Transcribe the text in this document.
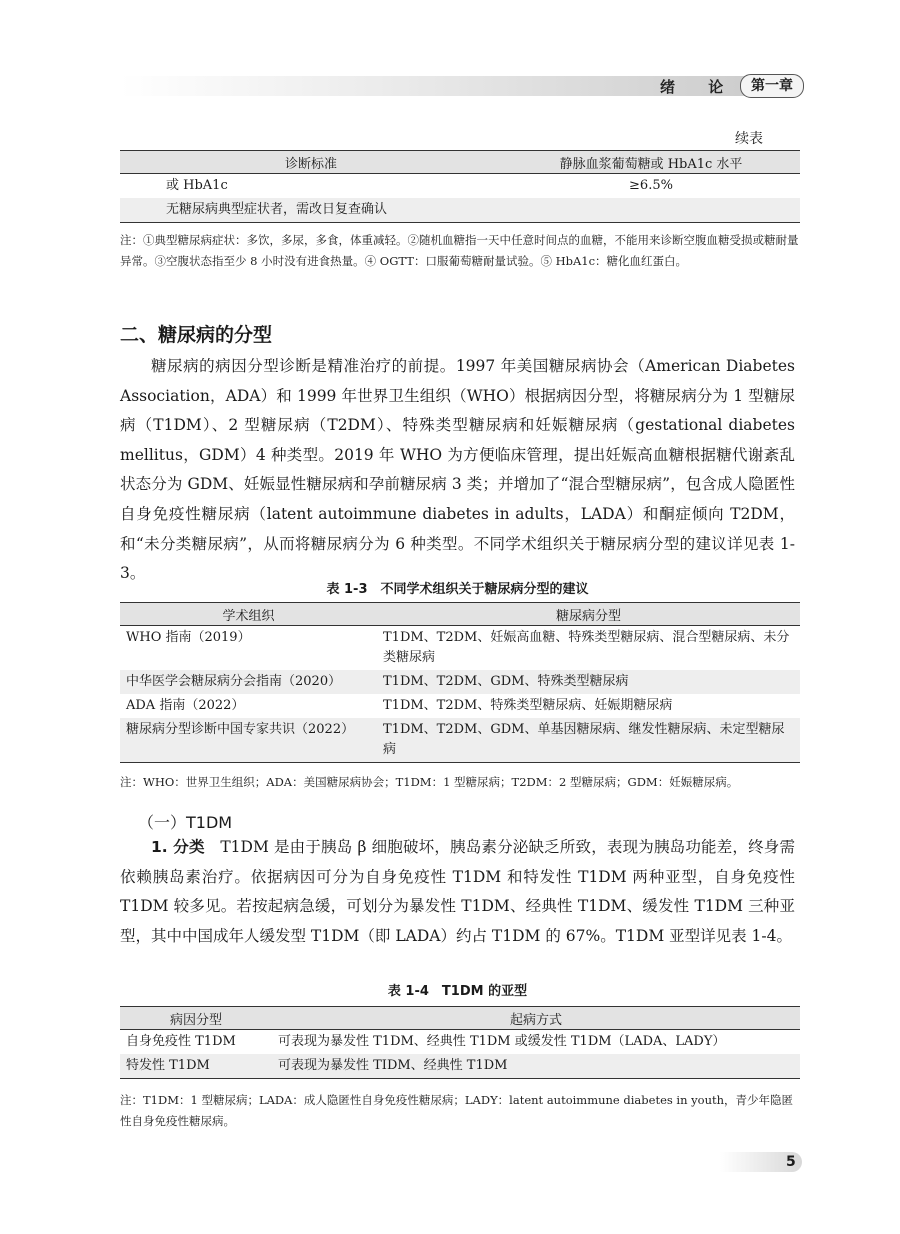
绪 论 第一章
续表
诊断标准	静脉血浆葡萄糖或 HbA1c 水平
或 HbA1c	≥6.5%
无糖尿病典型症状者，需改日复查确认	
注：①典型糖尿病症状：多饮，多尿，多食，体重减轻。②随机血糖指一天中任意时间点的血糖，不能用来诊断空腹血糖受损或糖耐量异常。③空腹状态指至少 8 小时没有进食热量。④ OGTT：口服葡萄糖耐量试验。⑤ HbA1c：糖化血红蛋白。
二、糖尿病的分型

糖尿病的病因分型诊断是精准治疗的前提。1997 年美国糖尿病协会（American Diabetes Association，ADA）和 1999 年世界卫生组织（WHO）根据病因分型，将糖尿病分为 1 型糖尿病（T1DM）、2 型糖尿病（T2DM）、特殊类型糖尿病和妊娠糖尿病（gestational diabetes mellitus，GDM）4 种类型。2019 年 WHO 为方便临床管理，提出妊娠高血糖根据糖代谢紊乱状态分为 GDM、妊娠显性糖尿病和孕前糖尿病 3 类；并增加了“混合型糖尿病”，包含成人隐匿性自身免疫性糖尿病（latent autoimmune diabetes in adults，LADA）和酮症倾向 T2DM，和“未分类糖尿病”，从而将糖尿病分为 6 种类型。不同学术组织关于糖尿病分型的建议详见表 1-3。

表 1-3　不同学术组织关于糖尿病分型的建议
学术组织	糖尿病分型
WHO 指南（2019）	T1DM、T2DM、妊娠高血糖、特殊类型糖尿病、混合型糖尿病、未分类糖尿病
中华医学会糖尿病分会指南（2020）	T1DM、T2DM、GDM、特殊类型糖尿病
ADA 指南（2022）	T1DM、T2DM、特殊类型糖尿病、妊娠期糖尿病
糖尿病分型诊断中国专家共识（2022）	T1DM、T2DM、GDM、单基因糖尿病、继发性糖尿病、未定型糖尿病
注：WHO：世界卫生组织；ADA：美国糖尿病协会；T1DM：1 型糖尿病；T2DM：2 型糖尿病；GDM：妊娠糖尿病。
（一）T1DM

1. 分类　 T1DM 是由于胰岛 β 细胞破坏，胰岛素分泌缺乏所致，表现为胰岛功能差，终身需依赖胰岛素治疗。依据病因可分为自身免疫性 T1DM 和特发性 T1DM 两种亚型，自身免疫性 T1DM 较多见。若按起病急缓，可划分为暴发性 T1DM、经典性 T1DM、缓发性 T1DM 三种亚型，其中中国成年人缓发型 T1DM（即 LADA）约占 T1DM 的 67%。T1DM 亚型详见表 1-4。

表 1-4　T1DM 的亚型
病因分型	起病方式
自身免疫性 T1DM	可表现为暴发性 T1DM、经典性 T1DM 或缓发性 T1DM（LADA、LADY）
特发性 T1DM	可表现为暴发性 TIDM、经典性 T1DM
注：T1DM：1 型糖尿病；LADA：成人隐匿性自身免疫性糖尿病；LADY：latent autoimmune diabetes in youth，青少年隐匿性自身免疫性糖尿病。
5
